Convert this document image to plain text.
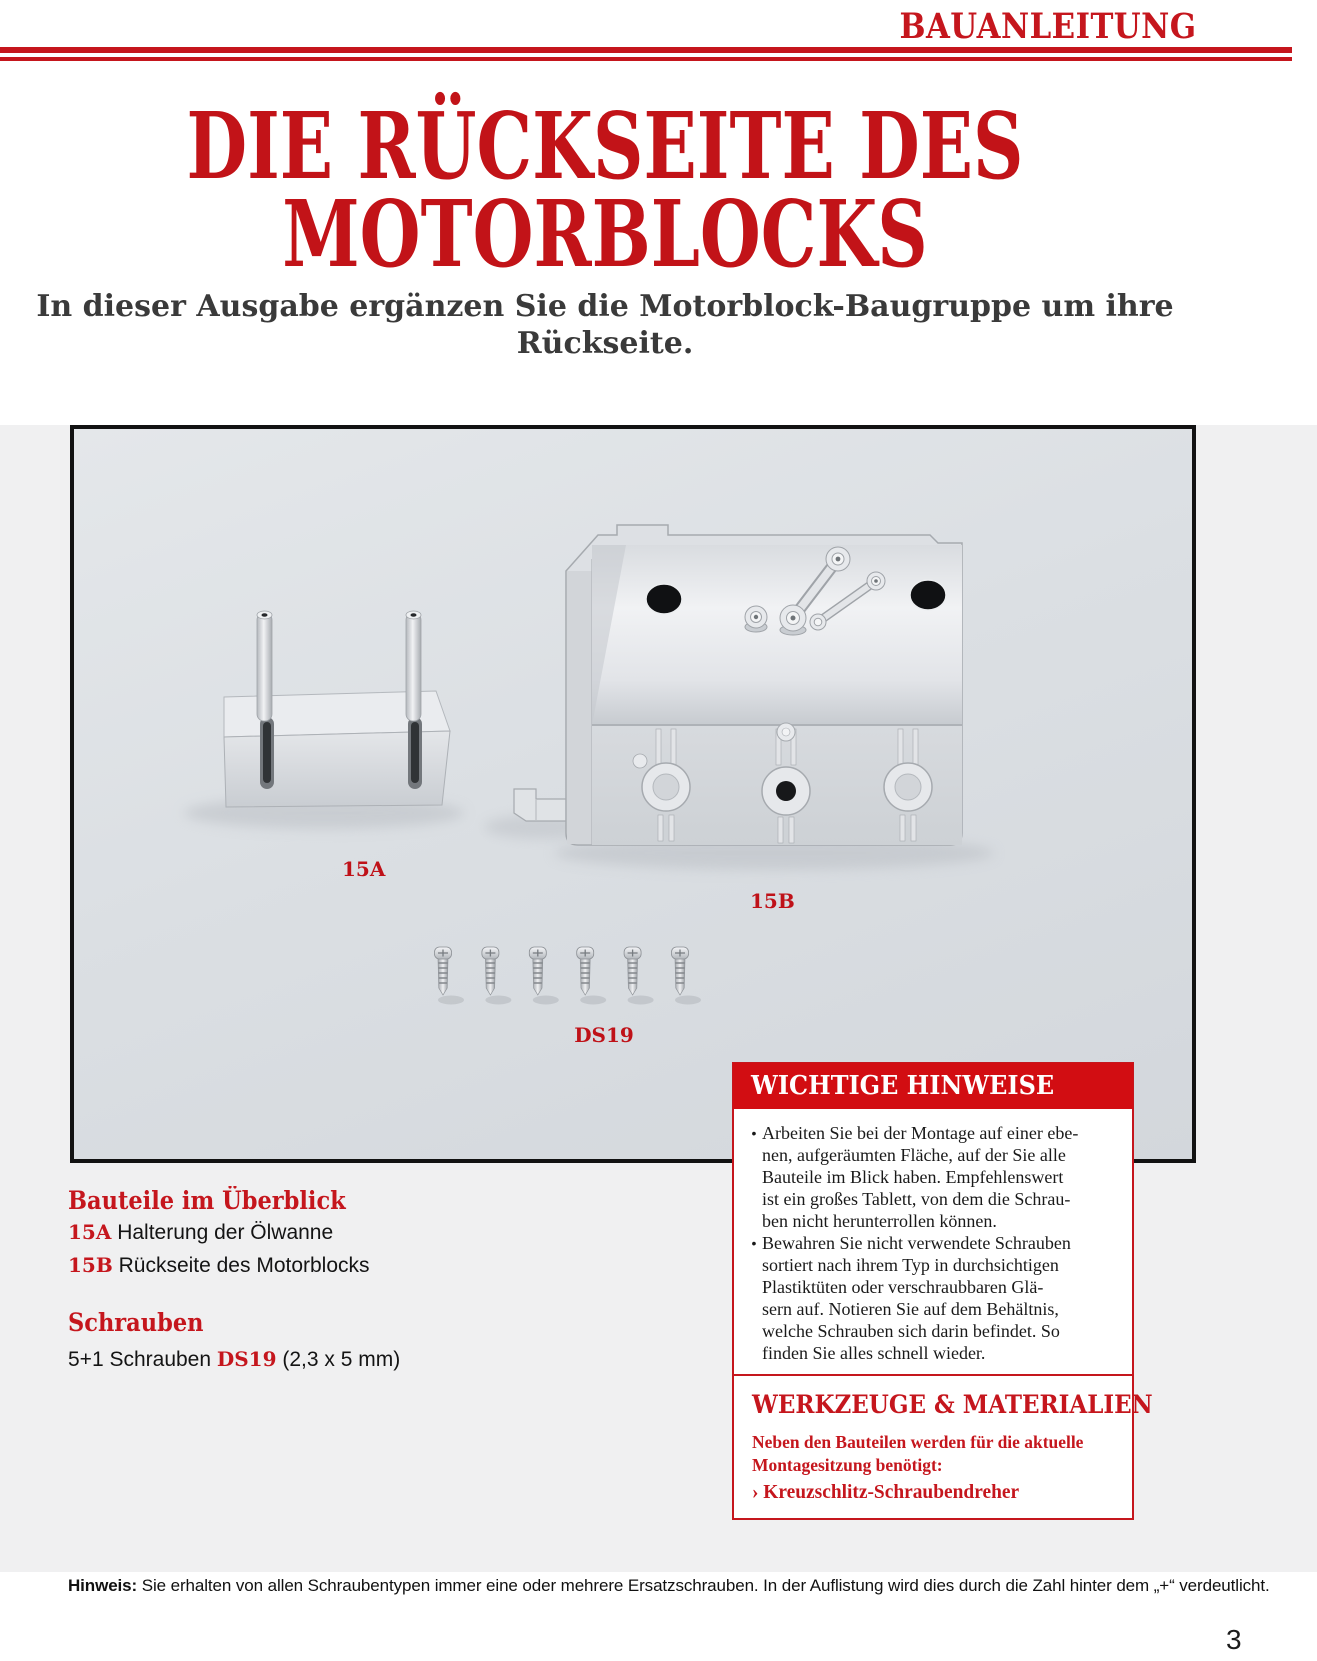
BAUANLEITUNG
DIE RÜCKSEITE DES
MOTORBLOCKS
In dieser Ausgabe ergänzen Sie die Motorblock-Baugruppe um ihre
Rückseite.
15A
15B
DS19
Bauteile im Überblick
15A Halterung der Ölwanne
15B Rückseite des Motorblocks
Schrauben
5+1 Schrauben DS19 (2,3 x 5 mm)
WICHTIGE HINWEISE
• Arbeiten Sie bei der Montage auf einer ebe-
nen, aufgeräumten Fläche, auf der Sie alle
Bauteile im Blick haben. Empfehlenswert
ist ein großes Tablett, von dem die Schrau-
ben nicht herunterrollen können.
• Bewahren Sie nicht verwendete Schrauben
sortiert nach ihrem Typ in durchsichtigen
Plastiktüten oder verschraubbaren Glä-
sern auf. Notieren Sie auf dem Behältnis,
welche Schrauben sich darin befindet. So
finden Sie alles schnell wieder.
WERKZEUGE & MATERIALIEN
Neben den Bauteilen werden für die aktuelle
Montagesitzung benötigt:
› Kreuzschlitz-Schraubendreher
Hinweis: Sie erhalten von allen Schraubentypen immer eine oder mehrere Ersatzschrauben. In der Auflistung wird dies durch die Zahl hinter dem „+“ verdeutlicht.
3
